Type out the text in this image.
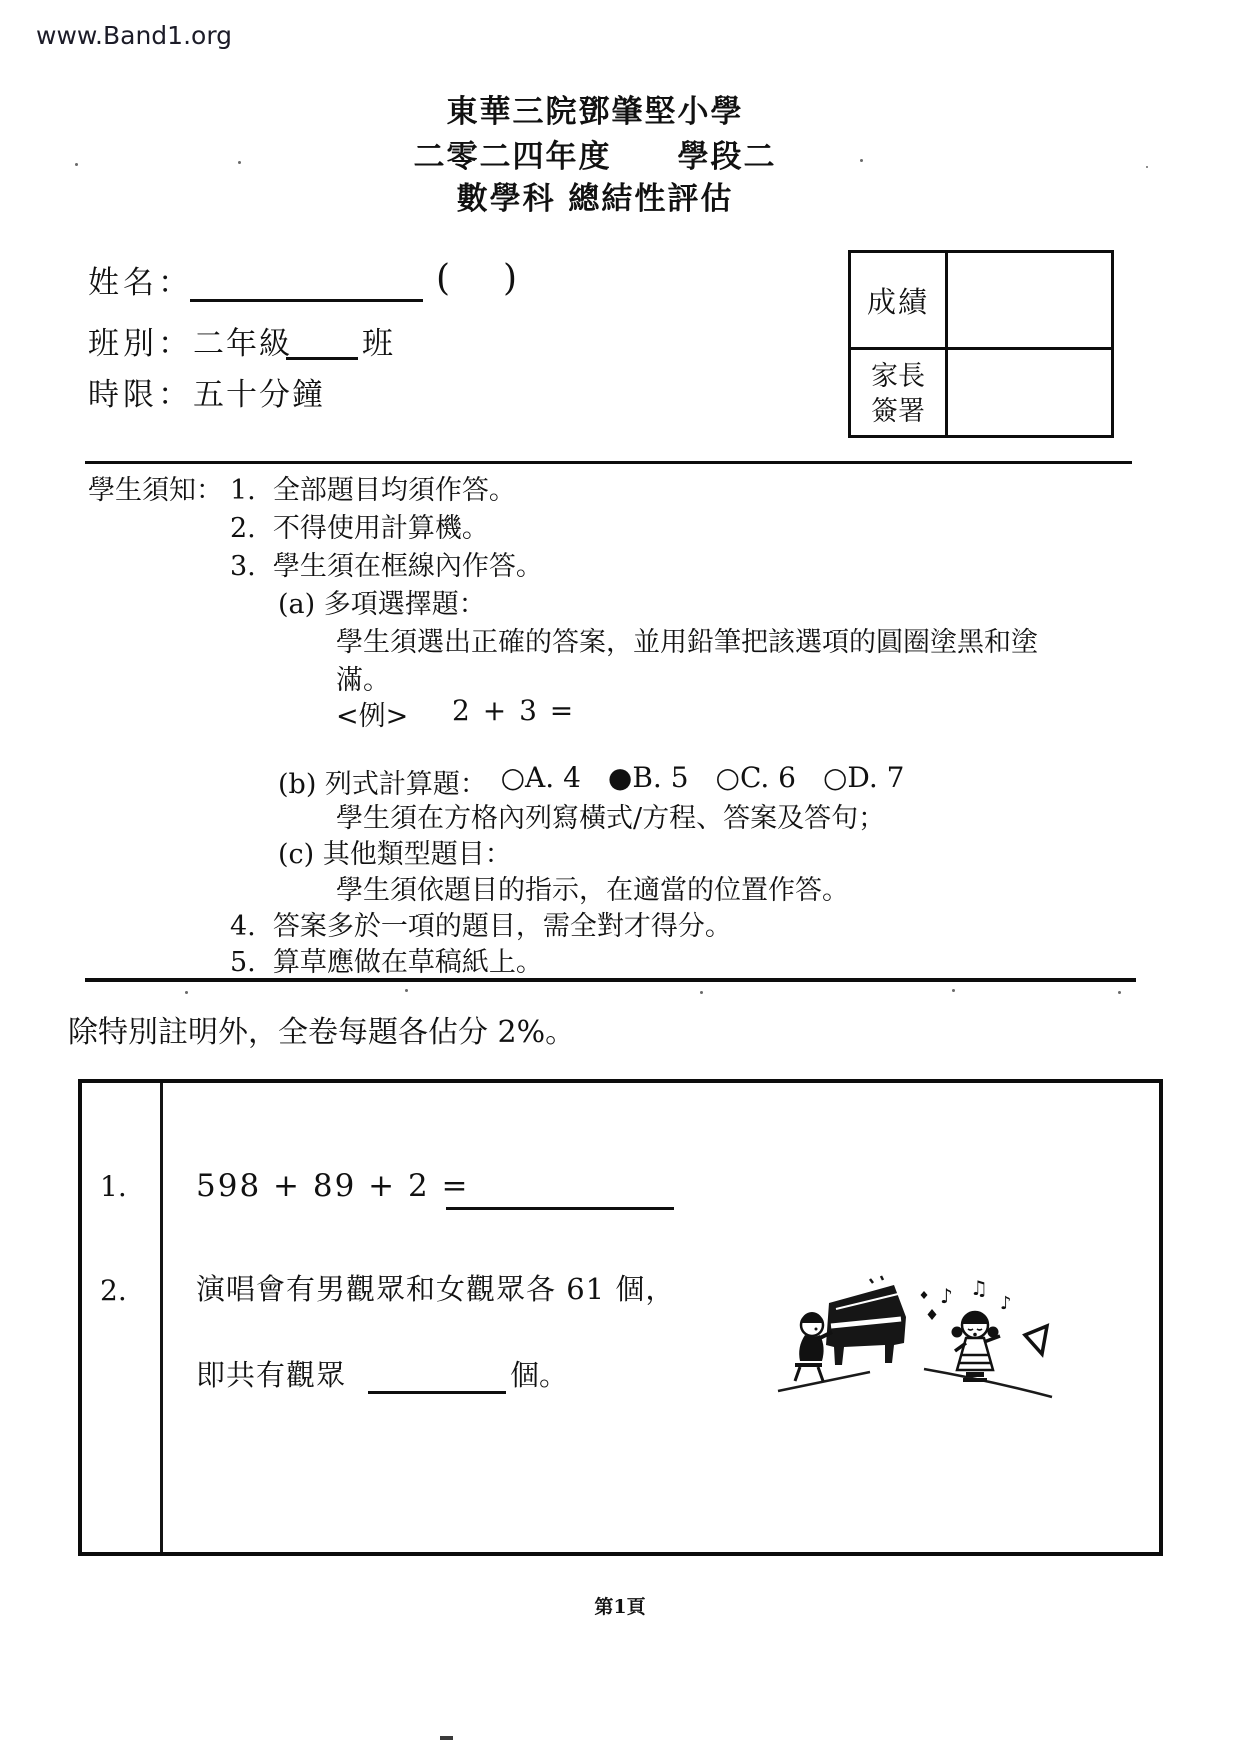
www.Band1.org
東華三院鄧肇堅小學
二零二四年度　　學段二
數學科 總結性評估
姓名：	( )
班別： 二年級 班
時限： 五十分鐘
成績
家長
簽署
學生須知： 1.  全部題目均須作答。
2.  不得使用計算機。
3.  學生須在框線內作答。
(a) 多項選擇題：
學生須選出正確的答案，並用鉛筆把該選項的圓圈塗黑和塗
滿。
<例> 2 + 3 =

○A. 4 ●B. 5 ○C. 6 ○D. 7

(b) 列式計算題：
學生須在方格內列寫橫式/方程、答案及答句；
(c) 其他類型題目：
學生須依題目的指示，在適當的位置作答。
4.  答案多於一項的題目，需全對才得分。
5.  算草應做在草稿紙上。
除特別註明外，全卷每題各佔分 2%。
1. 598 + 89 + 2 =
2. 演唱會有男觀眾和女觀眾各 61 個，
即共有觀眾	個。
♪ ♫
♪
第1頁
